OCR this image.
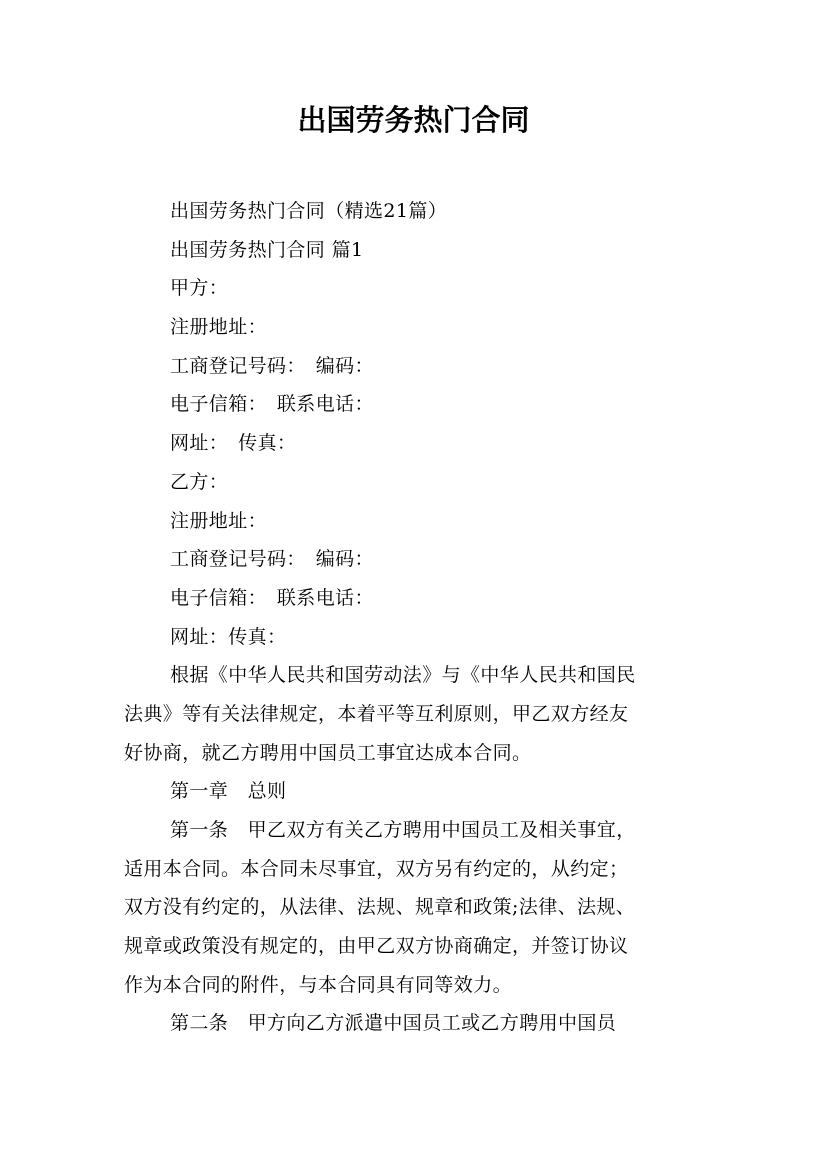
出国劳务热门合同
出国劳务热门合同（精选21篇）
出国劳务热门合同 篇1
甲方：
注册地址：
工商登记号码：　编码：
电子信箱：　联系电话：
网址：　传真：
乙方：
注册地址：
工商登记号码：　编码：
电子信箱：　联系电话：
网址：传真：
根据《中华人民共和国劳动法》与《中华人民共和国民
法典》等有关法律规定，本着平等互利原则，甲乙双方经友
好协商，就乙方聘用中国员工事宜达成本合同。
第一章　总则
第一条　甲乙双方有关乙方聘用中国员工及相关事宜，
适用本合同。本合同未尽事宜，双方另有约定的，从约定；
双方没有约定的，从法律、法规、规章和政策;法律、法规、
规章或政策没有规定的，由甲乙双方协商确定，并签订协议
作为本合同的附件，与本合同具有同等效力。
第二条　甲方向乙方派遣中国员工或乙方聘用中国员
